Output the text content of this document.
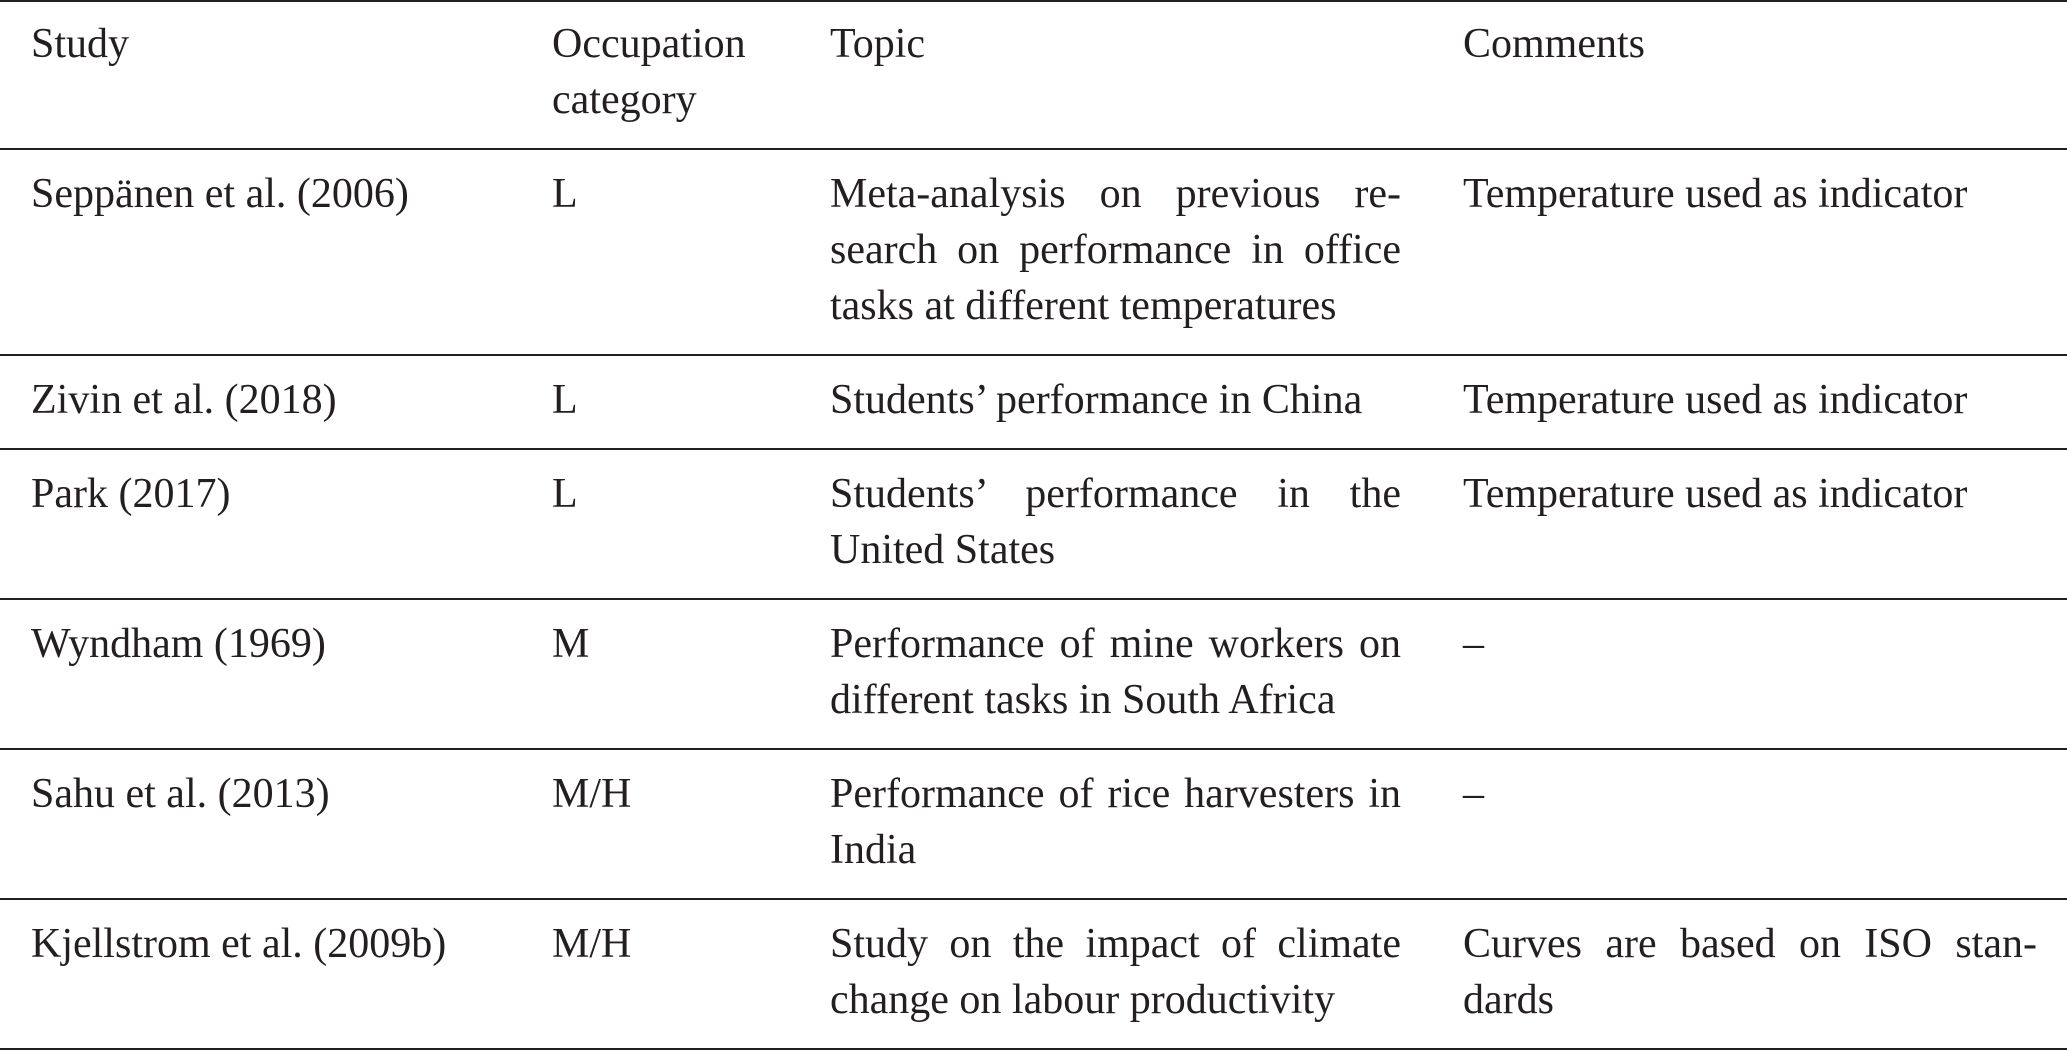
Study	Occupation category	Topic	Comments
Seppänen et al. (2006)	L	Meta-analysis on previous research on performance in office tasks at different temperatures	Temperature used as indicator
Zivin et al. (2018)	L	Students’ performance in China	Temperature used as indicator
Park (2017)	L	Students’ performance in the United States	Temperature used as indicator
Wyndham (1969)	M	Performance of mine workers on different tasks in South Africa	–
Sahu et al. (2013)	M/H	Performance of rice harvesters in India	–
Kjellstrom et al. (2009b)	M/H	Study on the impact of climate change on labour productivity	Curves are based on ISO standards
